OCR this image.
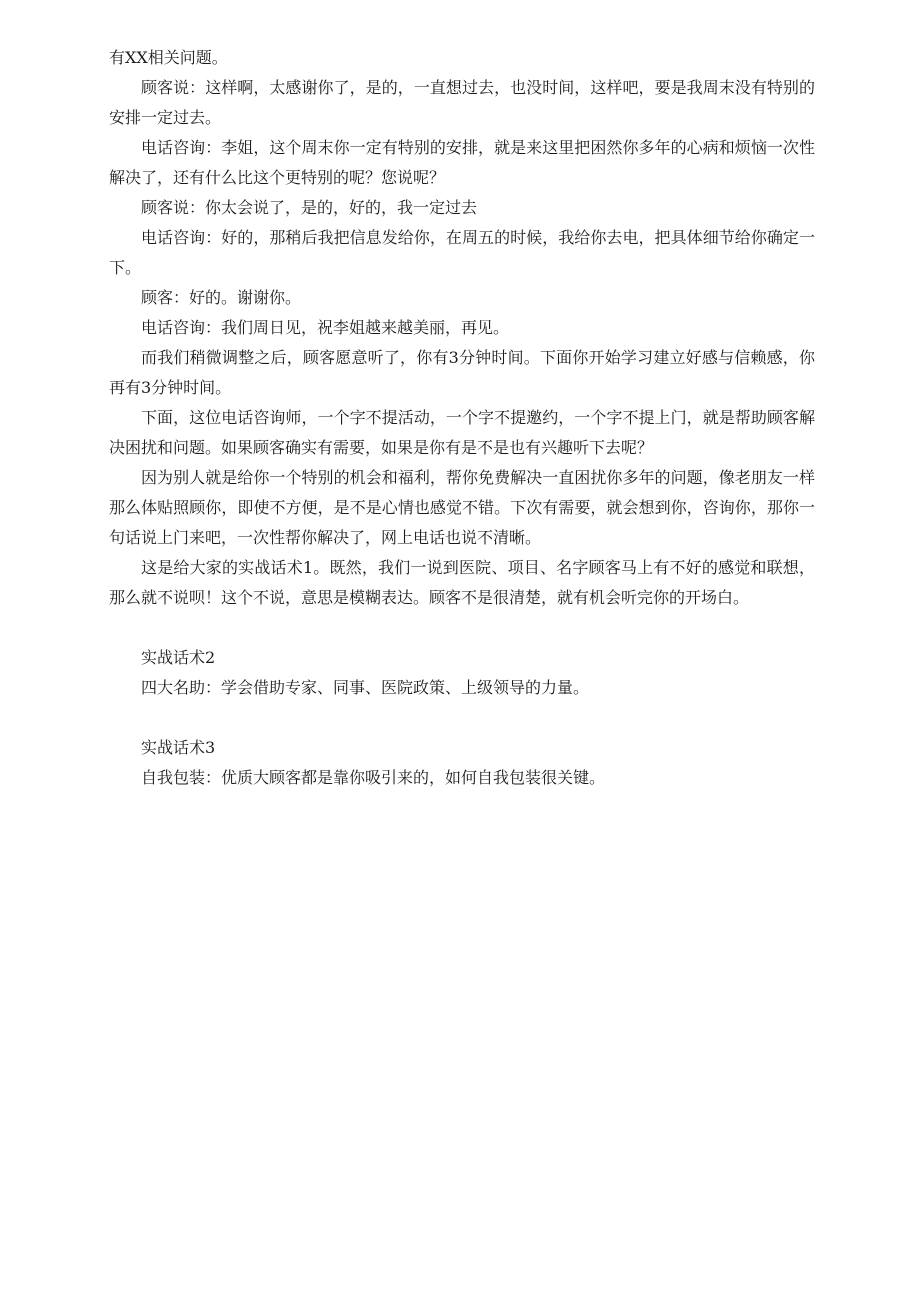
有XX相关问题。

顾客说：这样啊，太感谢你了，是的，一直想过去，也没时间，这样吧，要是我周末没有特别的安排一定过去。

电话咨询：李姐，这个周末你一定有特别的安排，就是来这里把困然你多年的心病和烦恼一次性解决了，还有什么比这个更特别的呢？您说呢？

顾客说：你太会说了，是的，好的，我一定过去

电话咨询：好的，那稍后我把信息发给你，在周五的时候，我给你去电，把具体细节给你确定一下。

顾客：好的。谢谢你。

电话咨询：我们周日见，祝李姐越来越美丽，再见。

而我们稍微调整之后，顾客愿意听了，你有3分钟时间。下面你开始学习建立好感与信赖感，你再有3分钟时间。

下面，这位电话咨询师，一个字不提活动，一个字不提邀约，一个字不提上门，就是帮助顾客解决困扰和问题。如果顾客确实有需要，如果是你有是不是也有兴趣听下去呢？

因为别人就是给你一个特别的机会和福利，帮你免费解决一直困扰你多年的问题，像老朋友一样那么体贴照顾你，即使不方便，是不是心情也感觉不错。下次有需要，就会想到你，咨询你，那你一句话说上门来吧，一次性帮你解决了，网上电话也说不清晰。

这是给大家的实战话术1。既然，我们一说到医院、项目、名字顾客马上有不好的感觉和联想，那么就不说呗！这个不说，意思是模糊表达。顾客不是很清楚，就有机会听完你的开场白。

实战话术2

四大名助：学会借助专家、同事、医院政策、上级领导的力量。

实战话术3

自我包装：优质大顾客都是靠你吸引来的，如何自我包装很关键。
